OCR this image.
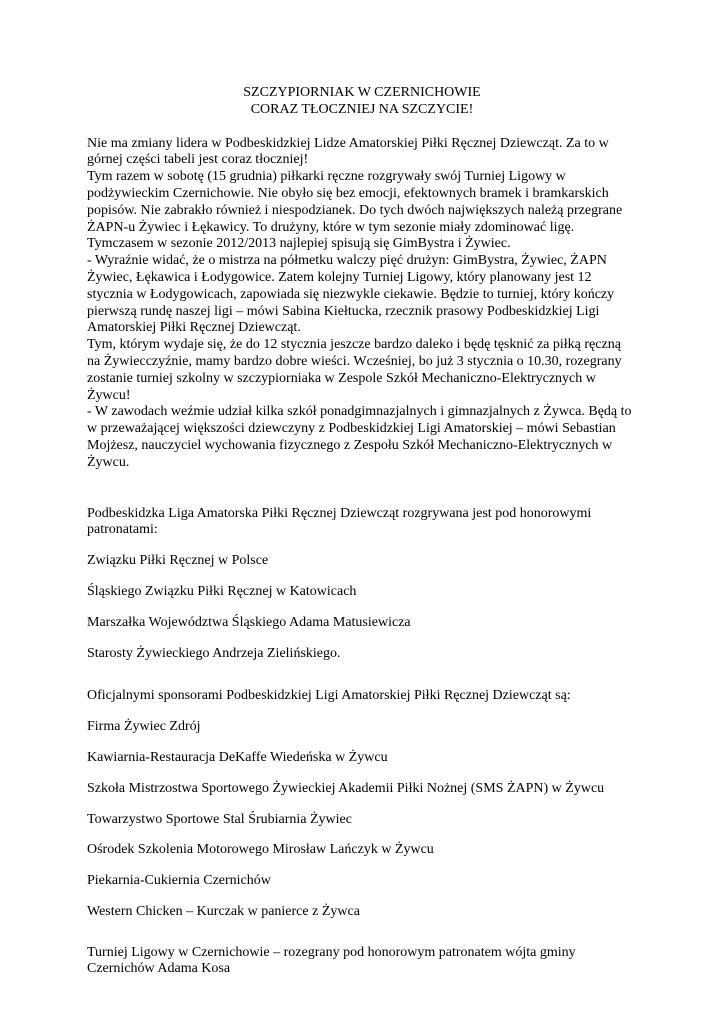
SZCZYPIORNIAK W CZERNICHOWIE
CORAZ TŁOCZNIEJ NA SZCZYCIE!

Nie ma zmiany lidera w Podbeskidzkiej Lidze Amatorskiej Piłki Ręcznej Dziewcząt. Za to w górnej części tabeli jest coraz tłoczniej!

Tym razem w sobotę (15 grudnia) piłkarki ręczne rozgrywały swój Turniej Ligowy w podżywieckim Czernichowie. Nie obyło się bez emocji, efektownych bramek i bramkarskich popisów. Nie zabrakło również i niespodzianek. Do tych dwóch największych należą przegrane ŻAPN-u Żywiec i Łękawicy. To drużyny, które w tym sezonie miały zdominować ligę. Tymczasem w sezonie 2012/2013 najlepiej spisują się GimBystra i Żywiec.

- Wyraźnie widać, że o mistrza na półmetku walczy pięć drużyn: GimBystra, Żywiec, ŻAPN Żywiec, Łękawica i Łodygowice. Zatem kolejny Turniej Ligowy, który planowany jest 12 stycznia w Łodygowicach, zapowiada się niezwykle ciekawie. Będzie to turniej, który kończy pierwszą rundę naszej ligi – mówi Sabina Kiełtucka, rzecznik prasowy Podbeskidzkiej Ligi Amatorskiej Piłki Ręcznej Dziewcząt.

Tym, którym wydaje się, że do 12 stycznia jeszcze bardzo daleko i będę tęsknić za piłką ręczną na Żywiecczyźnie, mamy bardzo dobre wieści. Wcześniej, bo już 3 stycznia o 10.30, rozegrany zostanie turniej szkolny w szczypiorniaka w Zespole Szkół Mechaniczno-Elektrycznych w Żywcu!

- W zawodach weźmie udział kilka szkół ponadgimnazjalnych i gimnazjalnych z Żywca. Będą to w przeważającej większości dziewczyny z Podbeskidzkiej Ligi Amatorskiej – mówi Sebastian Mojżesz, nauczyciel wychowania fizycznego z Zespołu Szkół Mechaniczno-Elektrycznych w Żywcu.

Podbeskidzka Liga Amatorska Piłki Ręcznej Dziewcząt rozgrywana jest pod honorowymi patronatami:

Związku Piłki Ręcznej w Polsce

Śląskiego Związku Piłki Ręcznej w Katowicach

Marszałka Województwa Śląskiego Adama Matusiewicza

Starosty Żywieckiego Andrzeja Zielińskiego.

Oficjalnymi sponsorami Podbeskidzkiej Ligi Amatorskiej Piłki Ręcznej Dziewcząt są:

Firma Żywiec Zdrój

Kawiarnia-Restauracja DeKaffe Wiedeńska w Żywcu

Szkoła Mistrzostwa Sportowego Żywieckiej Akademii Piłki Nożnej (SMS ŻAPN) w Żywcu

Towarzystwo Sportowe Stal Śrubiarnia Żywiec

Ośrodek Szkolenia Motorowego Mirosław Lańczyk w Żywcu

Piekarnia-Cukiernia Czernichów

Western Chicken – Kurczak w panierce z Żywca

Turniej Ligowy w Czernichowie – rozegrany pod honorowym patronatem wójta gminy Czernichów Adama Kosa
